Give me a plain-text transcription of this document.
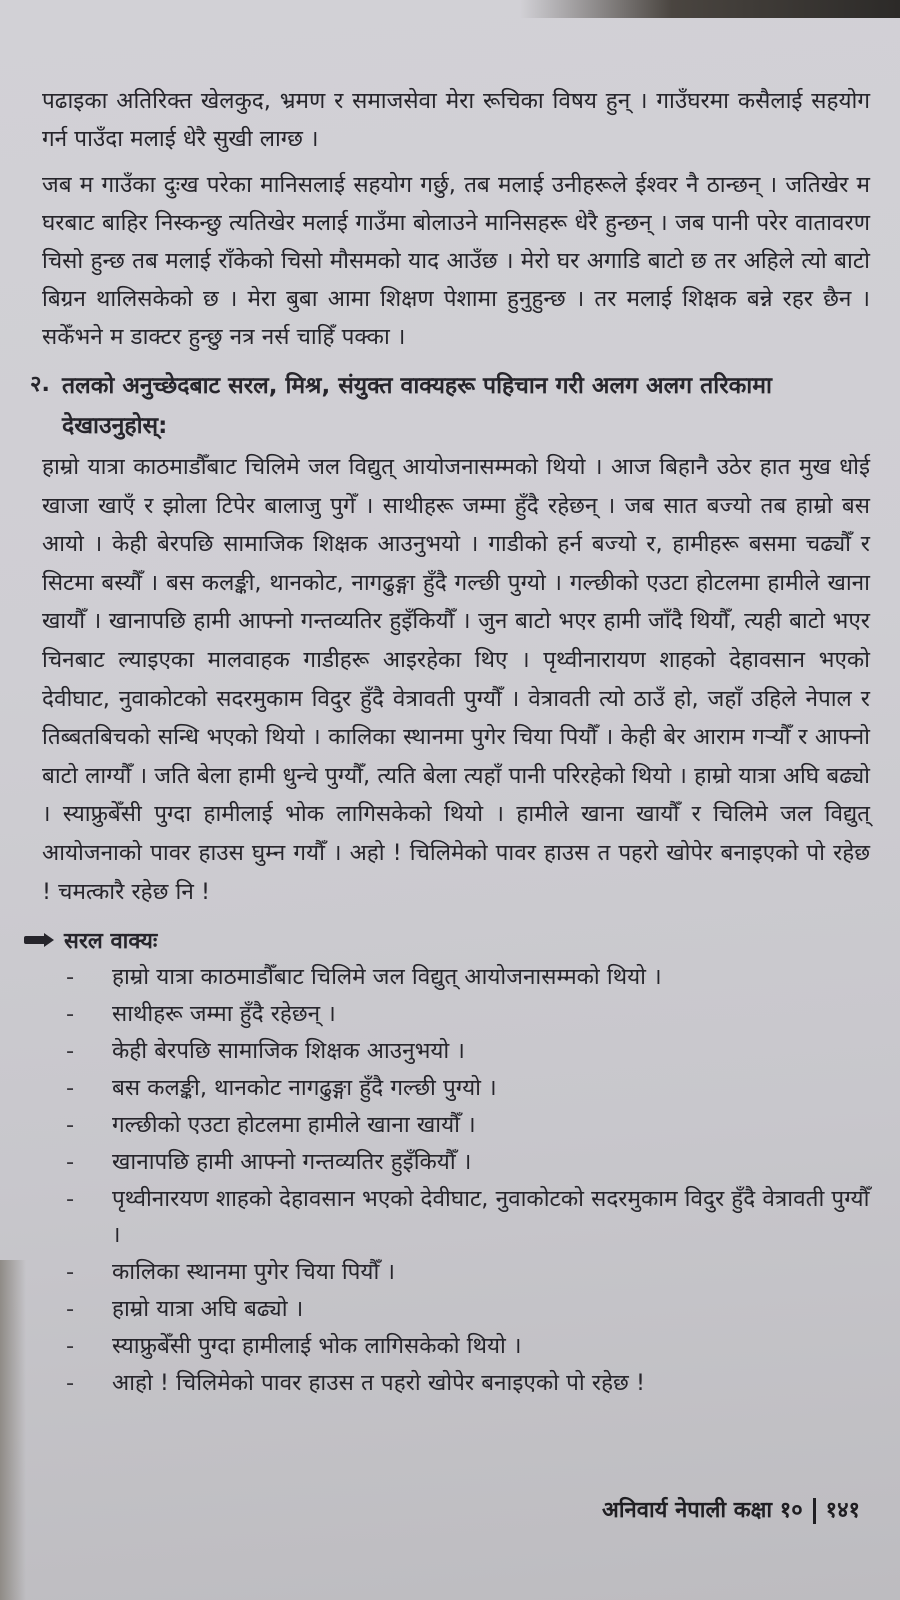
पढाइका अतिरिक्त खेलकुद, भ्रमण र समाजसेवा मेरा रूचिका विषय हुन् । गाउँघरमा कसैलाई सहयोग गर्न पाउँदा मलाई धेरै सुखी लाग्छ ।

जब म गाउँका दुःख परेका मानिसलाई सहयोग गर्छु, तब मलाई उनीहरूले ईश्वर नै ठान्छन् । जतिखेर म घरबाट बाहिर निस्कन्छु त्यतिखेर मलाई गाउँमा बोलाउने मानिसहरू धेरै हुन्छन् । जब पानी परेर वातावरण चिसो हुन्छ तब मलाई राँकेको चिसो मौसमको याद आउँछ । मेरो घर अगाडि बाटो छ तर अहिले त्यो बाटो बिग्रन थालिसकेको छ । मेरा बुबा आमा शिक्षण पेशामा हुनुहुन्छ । तर मलाई शिक्षक बन्ने रहर छैन । सकेँभने म डाक्टर हुन्छु नत्र नर्स चाहिँ पक्का ।

२. तलको अनुच्छेदबाट सरल, मिश्र, संयुक्त वाक्यहरू पहिचान गरी अलग अलग तरिकामा देखाउनुहोस्:

हाम्रो यात्रा काठमाडौँबाट चिलिमे जल विद्युत् आयोजनासम्मको थियो । आज बिहानै उठेर हात मुख धोई खाजा खाएँ र झोला टिपेर बालाजु पुगेँ । साथीहरू जम्मा हुँदै रहेछन् । जब सात बज्यो तब हाम्रो बस आयो । केही बेरपछि सामाजिक शिक्षक आउनुभयो । गाडीको हर्न बज्यो र, हामीहरू बसमा चढ्यौँ र सिटमा बस्यौँ । बस कलङ्की, थानकोट, नागढुङ्गा हुँदै गल्छी पुग्यो । गल्छीको एउटा होटलमा हामीले खाना खायौँ । खानापछि हामी आफ्नो गन्तव्यतिर हुइँकियौँ । जुन बाटो भएर हामी जाँदै थियौँ, त्यही बाटो भएर चिनबाट ल्याइएका मालवाहक गाडीहरू आइरहेका थिए । पृथ्वीनारायण शाहको देहावसान भएको देवीघाट, नुवाकोटको सदरमुकाम विदुर हुँदै वेत्रावती पुग्यौँ । वेत्रावती त्यो ठाउँ हो, जहाँ उहिले नेपाल र तिब्बतबिचको सन्धि भएको थियो । कालिका स्थानमा पुगेर चिया पियौँ । केही बेर आराम गर्‍यौँ र आफ्नो बाटो लाग्यौँ । जति बेला हामी धुन्चे पुग्यौँ, त्यति बेला त्यहाँ पानी परिरहेको थियो । हाम्रो यात्रा अघि बढ्यो । स्याफ्रुबेँसी पुग्दा हामीलाई भोक लागिसकेको थियो । हामीले खाना खायौँ र चिलिमे जल विद्युत् आयोजनाको पावर हाउस घुम्न गयौँ । अहो ! चिलिमेको पावर हाउस त पहरो खोपेर बनाइएको पो रहेछ ! चमत्कारै रहेछ नि !

सरल वाक्यः
-	हाम्रो यात्रा काठमाडौँबाट चिलिमे जल विद्युत् आयोजनासम्मको थियो ।
-	साथीहरू जम्मा हुँदै रहेछन् ।
-	केही बेरपछि सामाजिक शिक्षक आउनुभयो ।
-	बस कलङ्की, थानकोट नागढुङ्गा हुँदै गल्छी पुग्यो ।
-	गल्छीको एउटा होटलमा हामीले खाना खायौँ ।
-	खानापछि हामी आफ्नो गन्तव्यतिर हुइँकियौँ ।
-	पृथ्वीनारयण शाहको देहावसान भएको देवीघाट, नुवाकोटको सदरमुकाम विदुर हुँदै वेत्रावती पुग्यौँ ।
-	कालिका स्थानमा पुगेर चिया पियौँ ।
-	हाम्रो यात्रा अघि बढ्यो ।
-	स्याफ्रुबेँसी पुग्दा हामीलाई भोक लागिसकेको थियो ।
-	आहो ! चिलिमेको पावर हाउस त पहरो खोपेर बनाइएको पो रहेछ !
अनिवार्य नेपाली कक्षा १० १४१
